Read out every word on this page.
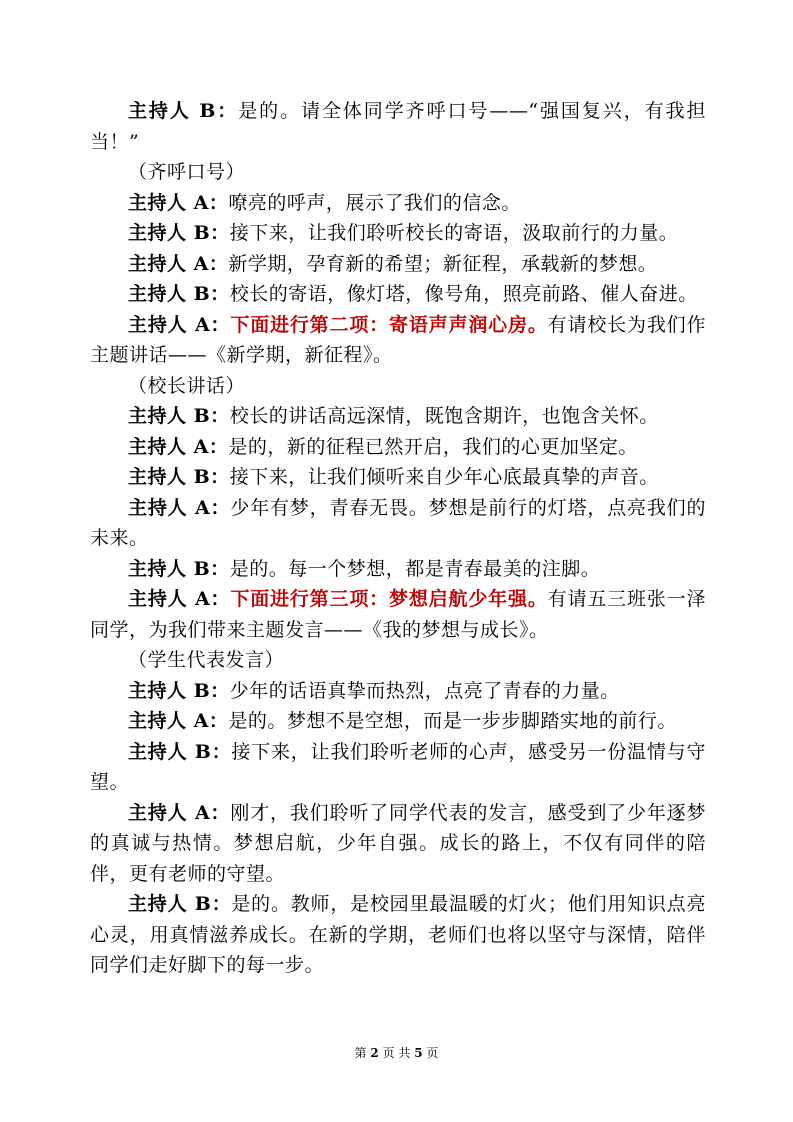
主持人 B：是的。请全体同学齐呼口号——“强国复兴，有我担当！”

（齐呼口号）

主持人 A：嘹亮的呼声，展示了我们的信念。

主持人 B：接下来，让我们聆听校长的寄语，汲取前行的力量。

主持人 A：新学期，孕育新的希望；新征程，承载新的梦想。

主持人 B：校长的寄语，像灯塔，像号角，照亮前路、催人奋进。

主持人 A：下面进行第二项：寄语声声润心房。有请校长为我们作主题讲话——《新学期，新征程》。

（校长讲话）

主持人 B：校长的讲话高远深情，既饱含期许，也饱含关怀。

主持人 A：是的，新的征程已然开启，我们的心更加坚定。

主持人 B：接下来，让我们倾听来自少年心底最真挚的声音。

主持人 A：少年有梦，青春无畏。梦想是前行的灯塔，点亮我们的未来。

主持人 B：是的。每一个梦想，都是青春最美的注脚。

主持人 A：下面进行第三项：梦想启航少年强。有请五三班张一泽同学，为我们带来主题发言——《我的梦想与成长》。

（学生代表发言）

主持人 B：少年的话语真挚而热烈，点亮了青春的力量。

主持人 A：是的。梦想不是空想，而是一步步脚踏实地的前行。

主持人 B：接下来，让我们聆听老师的心声，感受另一份温情与守望。

主持人 A：刚才，我们聆听了同学代表的发言，感受到了少年逐梦的真诚与热情。梦想启航，少年自强。成长的路上，不仅有同伴的陪伴，更有老师的守望。

主持人 B：是的。教师，是校园里最温暖的灯火；他们用知识点亮心灵，用真情滋养成长。在新的学期，老师们也将以坚守与深情，陪伴同学们走好脚下的每一步。

第 2 页 共 5 页
